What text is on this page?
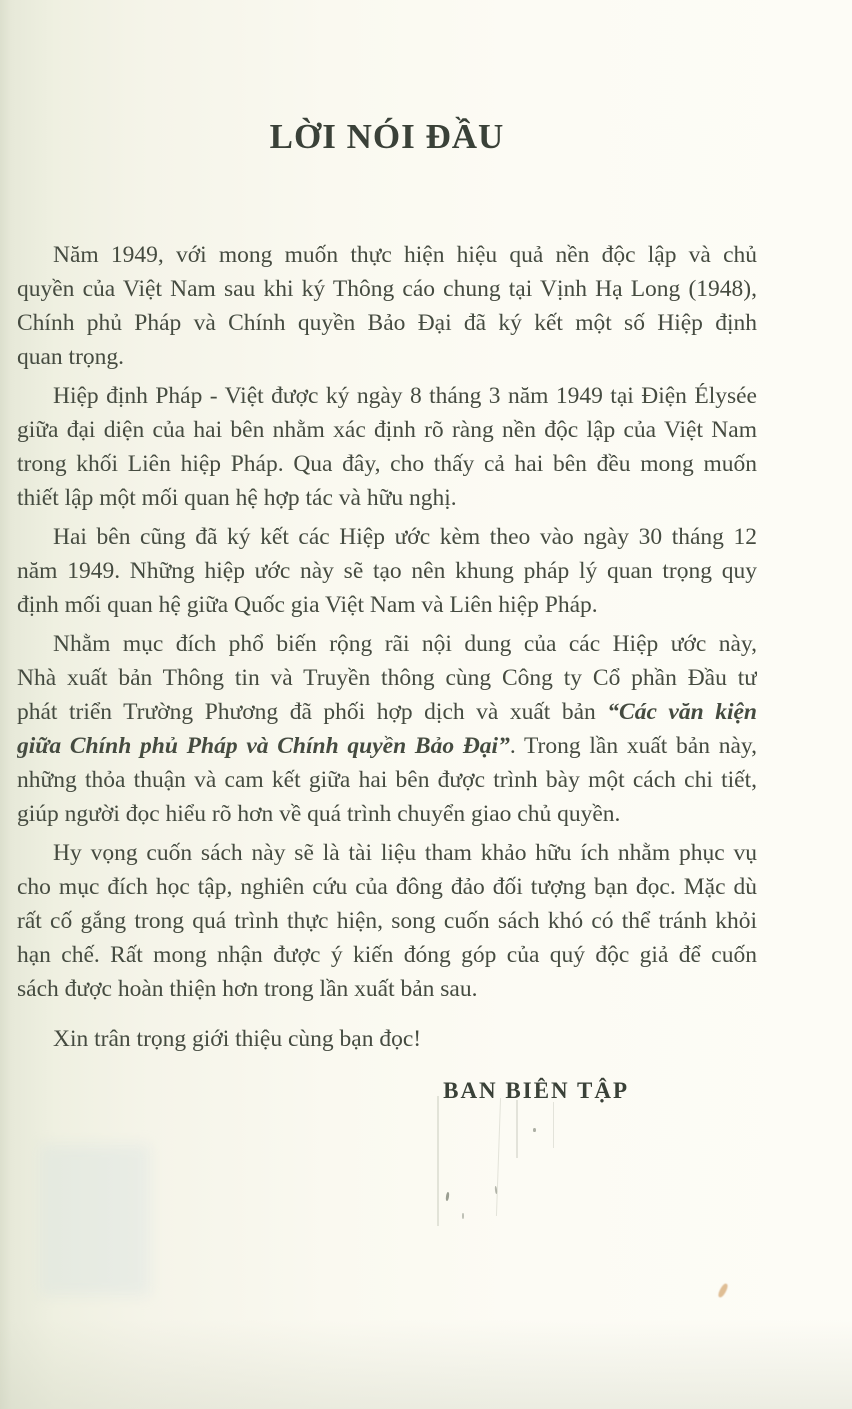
LỜI NÓI ĐẦU

Năm 1949, với mong muốn thực hiện hiệu quả nền độc lập và chủ
quyền của Việt Nam sau khi ký Thông cáo chung tại Vịnh Hạ Long (1948),
Chính phủ Pháp và Chính quyền Bảo Đại đã ký kết một số Hiệp định
quan trọng.

Hiệp định Pháp - Việt được ký ngày 8 tháng 3 năm 1949 tại Điện Élysée
giữa đại diện của hai bên nhằm xác định rõ ràng nền độc lập của Việt Nam
trong khối Liên hiệp Pháp. Qua đây, cho thấy cả hai bên đều mong muốn
thiết lập một mối quan hệ hợp tác và hữu nghị.

Hai bên cũng đã ký kết các Hiệp ước kèm theo vào ngày 30 tháng 12
năm 1949. Những hiệp ước này sẽ tạo nên khung pháp lý quan trọng quy
định mối quan hệ giữa Quốc gia Việt Nam và Liên hiệp Pháp.

Nhằm mục đích phổ biến rộng rãi nội dung của các Hiệp ước này,
Nhà xuất bản Thông tin và Truyền thông cùng Công ty Cổ phần Đầu tư
phát triển Trường Phương đã phối hợp dịch và xuất bản “Các văn kiện
giữa Chính phủ Pháp và Chính quyền Bảo Đại”. Trong lần xuất bản này,
những thỏa thuận và cam kết giữa hai bên được trình bày một cách chi tiết,
giúp người đọc hiểu rõ hơn về quá trình chuyển giao chủ quyền.

Hy vọng cuốn sách này sẽ là tài liệu tham khảo hữu ích nhằm phục vụ
cho mục đích học tập, nghiên cứu của đông đảo đối tượng bạn đọc. Mặc dù
rất cố gắng trong quá trình thực hiện, song cuốn sách khó có thể tránh khỏi
hạn chế. Rất mong nhận được ý kiến đóng góp của quý độc giả để cuốn
sách được hoàn thiện hơn trong lần xuất bản sau.

Xin trân trọng giới thiệu cùng bạn đọc!

BAN BIÊN TẬP
